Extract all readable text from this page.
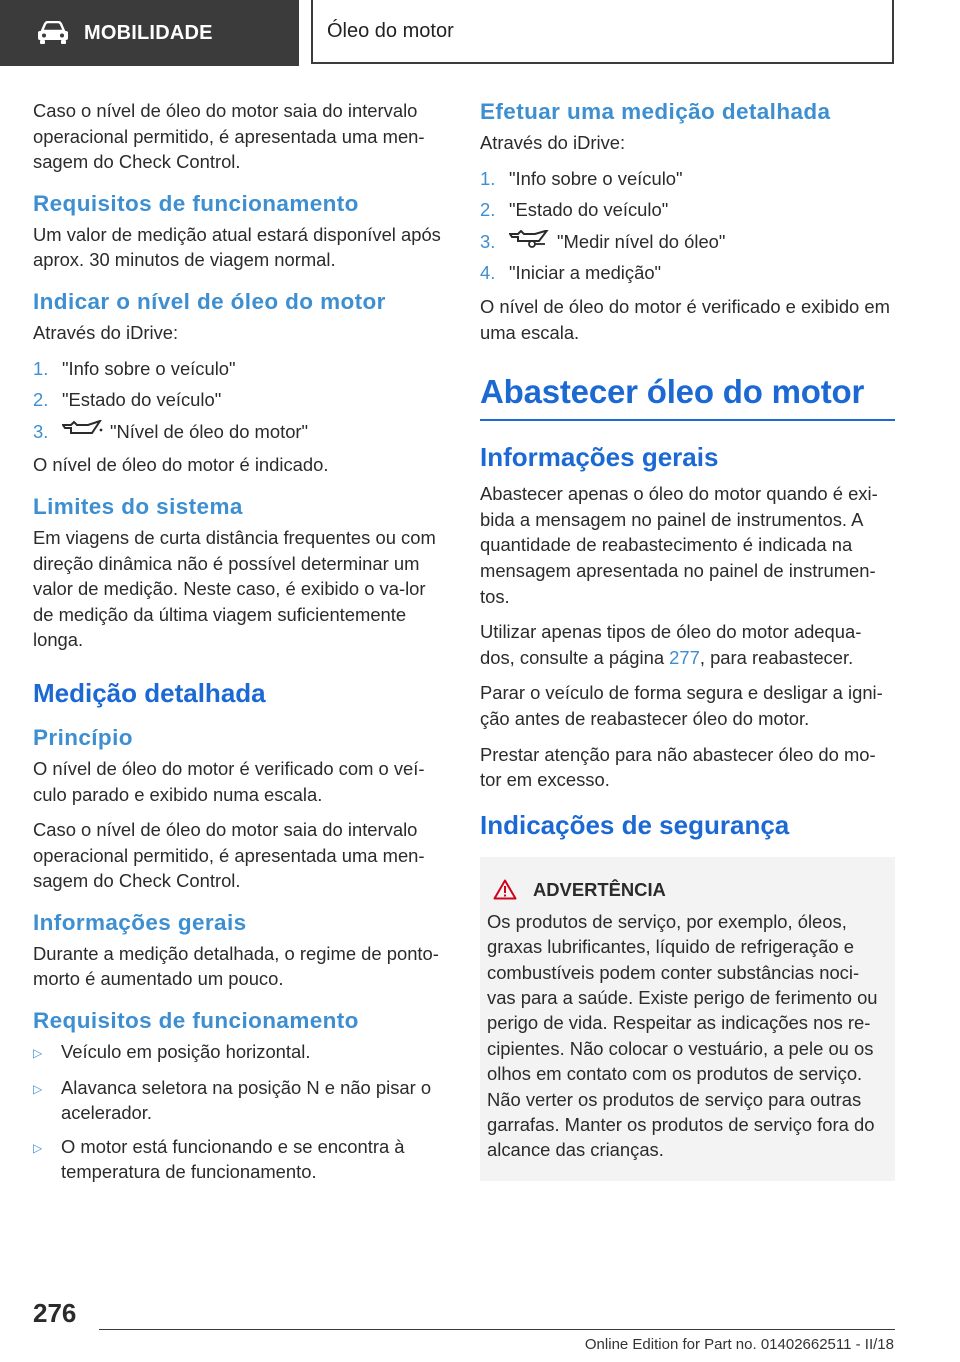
MOBILIDADE	Óleo do motor

Caso o nível de óleo do motor saia do intervalo operacional permitido, é apresentada uma men-sagem do Check Control.

Requisitos de funcionamento

Um valor de medição atual estará disponível após aprox. 30 minutos de viagem normal.

Indicar o nível de óleo do motor

Através do iDrive:

1. "Info sobre o veículo"
2. "Estado do veículo"
3.	"Nível de óleo do motor"

O nível de óleo do motor é indicado.

Limites do sistema

Em viagens de curta distância frequentes ou com direção dinâmica não é possível determinar um valor de medição. Neste caso, é exibido o va-lor de medição da última viagem suficientemente longa.

Medição detalhada
Princípio

O nível de óleo do motor é verificado com o veí-culo parado e exibido numa escala.

Caso o nível de óleo do motor saia do intervalo operacional permitido, é apresentada uma men-sagem do Check Control.

Informações gerais

Durante a medição detalhada, o regime de ponto-morto é aumentado um pouco.

Requisitos de funcionamento
▷	Veículo em posição horizontal.
▷	Alavanca seletora na posição N e não pisar o acelerador.
▷	O motor está funcionando e se encontra à temperatura de funcionamento.
Efetuar uma medição detalhada

Através do iDrive:

1. "Info sobre o veículo"
2. "Estado do veículo"
3.	"Medir nível do óleo"
4. "Iniciar a medição"

O nível de óleo do motor é verificado e exibido em uma escala.

Abastecer óleo do motor
Informações gerais

Abastecer apenas o óleo do motor quando é exi-bida a mensagem no painel de instrumentos. A quantidade de reabastecimento é indicada na mensagem apresentada no painel de instrumen-tos.

Utilizar apenas tipos de óleo do motor adequa-dos, consulte a página 277, para reabastecer.

Parar o veículo de forma segura e desligar a igni-ção antes de reabastecer óleo do motor.

Prestar atenção para não abastecer óleo do mo-tor em excesso.

Indicações de segurança
ADVERTÊNCIA

Os produtos de serviço, por exemplo, óleos, graxas lubrificantes, líquido de refrigeração e combustíveis podem conter substâncias noci-vas para a saúde. Existe perigo de ferimento ou perigo de vida. Respeitar as indicações nos re-cipientes. Não colocar o vestuário, a pele ou os olhos em contato com os produtos de serviço. Não verter os produtos de serviço para outras garrafas. Manter os produtos de serviço fora do alcance das crianças.

276
Online Edition for Part no. 01402662511 - II/18
